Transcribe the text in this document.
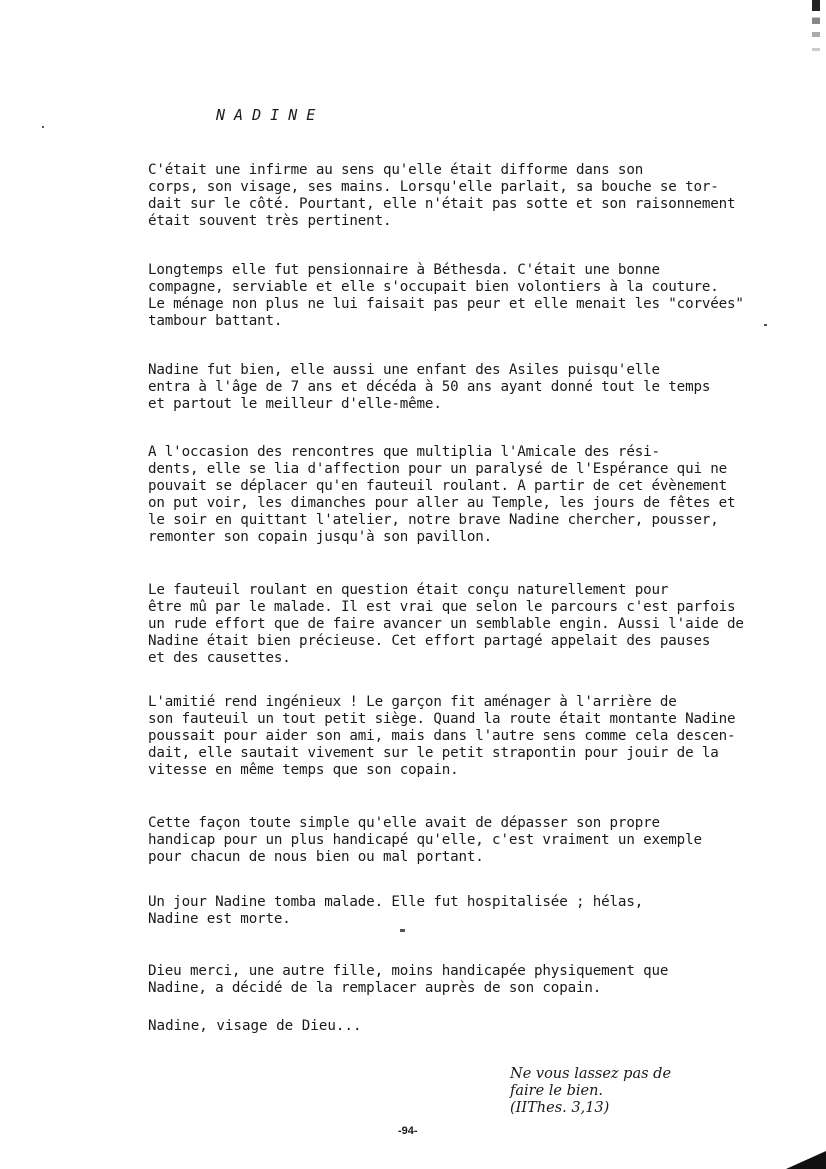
N A D I N E
C'était une infirme au sens qu'elle était difforme dans son
corps, son visage, ses mains. Lorsqu'elle parlait, sa bouche se tor-
dait sur le côté. Pourtant, elle n'était pas sotte et son raisonnement
était souvent très pertinent.
Longtemps elle fut pensionnaire à Béthesda. C'était une bonne
compagne, serviable et elle s'occupait bien volontiers à la couture.
Le ménage non plus ne lui faisait pas peur et elle menait les "corvées"
tambour battant.
Nadine fut bien, elle aussi une enfant des Asiles puisqu'elle
entra à l'âge de 7 ans et décéda à 50 ans ayant donné tout le temps
et partout le meilleur d'elle-même.
A l'occasion des rencontres que multiplia l'Amicale des rési-
dents, elle se lia d'affection pour un paralysé de l'Espérance qui ne
pouvait se déplacer qu'en fauteuil roulant. A partir de cet évènement
on put voir, les dimanches pour aller au Temple, les jours de fêtes et
le soir en quittant l'atelier, notre brave Nadine chercher, pousser,
remonter son copain jusqu'à son pavillon.
Le fauteuil roulant en question était conçu naturellement pour
être mû par le malade. Il est vrai que selon le parcours c'est parfois
un rude effort que de faire avancer un semblable engin. Aussi l'aide de
Nadine était bien précieuse. Cet effort partagé appelait des pauses
et des causettes.
L'amitié rend ingénieux ! Le garçon fit aménager à l'arrière de
son fauteuil un tout petit siège. Quand la route était montante Nadine
poussait pour aider son ami, mais dans l'autre sens comme cela descen-
dait, elle sautait vivement sur le petit strapontin pour jouir de la
vitesse en même temps que son copain.
Cette façon toute simple qu'elle avait de dépasser son propre
handicap pour un plus handicapé qu'elle, c'est vraiment un exemple
pour chacun de nous bien ou mal portant.
Un jour Nadine tomba malade. Elle fut hospitalisée ; hélas,
Nadine est morte.
Dieu merci, une autre fille, moins handicapée physiquement que
Nadine, a décidé de la remplacer auprès de son copain.
Nadine, visage de Dieu...
Ne vous lassez pas de
faire le bien.
(IIThes. 3,13)
-94-
